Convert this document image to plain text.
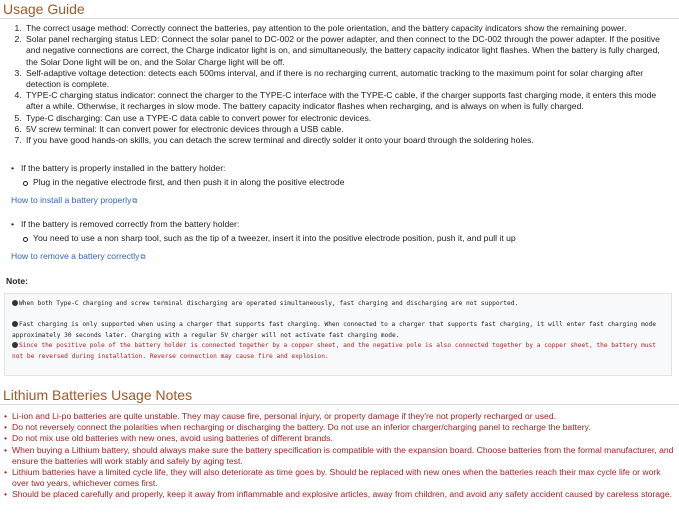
Usage Guide
1. The correct usage method: Correctly connect the batteries, pay attention to the pole orientation, and the battery capacity indicators show the remaining power.
2. Solar panel recharging status LED: Connect the solar panel to DC-002 or the power adapter, and then connect to the DC-002 through the power adapter. If the positive and negative connections are correct, the Charge indicator light is on, and simultaneously, the battery capacity indicator light flashes. When the battery is fully charged, the Solar Done light will be on, and the Solar Charge light will be off.
3. Self-adaptive voltage detection: detects each 500ms interval, and if there is no recharging current, automatic tracking to the maximum point for solar charging after detection is complete.
4. TYPE-C charging status indicator: connect the charger to the TYPE-C interface with the TYPE-C cable, if the charger supports fast charging mode, it enters this mode after a while. Otherwise, it recharges in slow mode. The battery capacity indicator flashes when recharging, and is always on when is fully charged.
5. Type-C discharging: Can use a TYPE-C data cable to convert power for electronic devices.
6. 5V screw terminal: It can convert power for electronic devices through a USB cable.
7. If you have good hands-on skills, you can detach the screw terminal and directly solder it onto your board through the soldering holes.
• If the battery is properly installed in the battery holder:
Plug in the negative electrode first, and then push it in along the positive electrode
How to install a battery properly⧉
• If the battery is removed correctly from the battery holder:
You need to use a non sharp tool, such as the tip of a tweezer, insert it into the positive electrode position, push it, and pull it up
How to remove a battery correctly⧉
Note:

When both Type-C charging and screw terminal discharging are operated simultaneously, fast charging and discharging are not supported.

Fast charging is only supported when using a charger that supports fast charging. When connected to a charger that supports fast charging, it will enter fast charging mode approximately 30 seconds later. Charging with a regular 5V charger will not activate fast charging mode.

Since the positive pole of the battery holder is connected together by a copper sheet, and the negative pole is also connected together by a copper sheet, the battery must not be reversed during installation. Reverse connection may cause fire and explosion.

Lithium Batteries Usage Notes
• Li-ion and Li-po batteries are quite unstable. They may cause fire, personal injury, or property damage if they're not properly recharged or used.
• Do not reversely connect the polarities when recharging or discharging the battery. Do not use an inferior charger/charging panel to recharge the battery.
• Do not mix use old batteries with new ones, avoid using batteries of different brands.
• When buying a Lithium battery, should always make sure the battery specification is compatible with the expansion board. Choose batteries from the formal manufacturer, and ensure the batteries will work stably and safely by aging test.
• Lithium batteries have a limited cycle life, they will also deteriorate as time goes by. Should be replaced with new ones when the batteries reach their max cycle life or work over two years, whichever comes first.
• Should be placed carefully and properly, keep it away from inflammable and explosive articles, away from children, and avoid any safety accident caused by careless storage.
